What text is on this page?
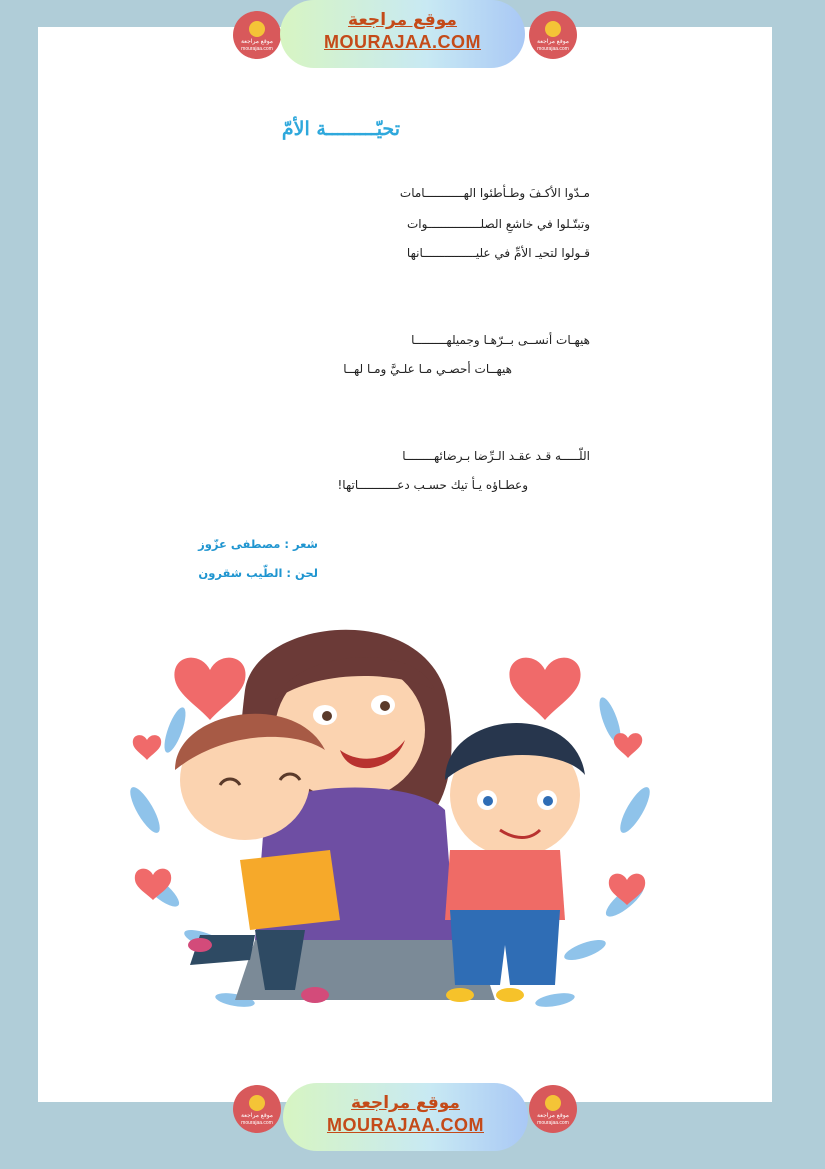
موقع مراجعة
mourajaa.com
موقع مراجعة
MOURAJAA.COM	موقع مراجعة
mourajaa.com
تحيّـــــــــة الأمّ
مـدّوا الأكـفَ وطـأطئوا الهـــــــــــامات
وتبتّـلوا في خاشعِ الصلـــــــــــــــوات
قـولوا لتحيـ الأمِّ في عليـــــــــــــــانها
هيهـات أنســى بــرّهـا وجميلهـــــــــا
هيهــات أحصـي مـا علـيَّ ومـا لهــا
اللّـــــه قـد عقـد الـرِّضا بـرضائهــــــــا
وعطـاؤه يـأ تيك حسـب دعـــــــــــاتها!
شعر : مصطفى عزّوز
لحن : الطّيب شقرون
موقع مراجعة
mourajaa.com
موقع مراجعة
MOURAJAA.COM	موقع مراجعة
mourajaa.com
